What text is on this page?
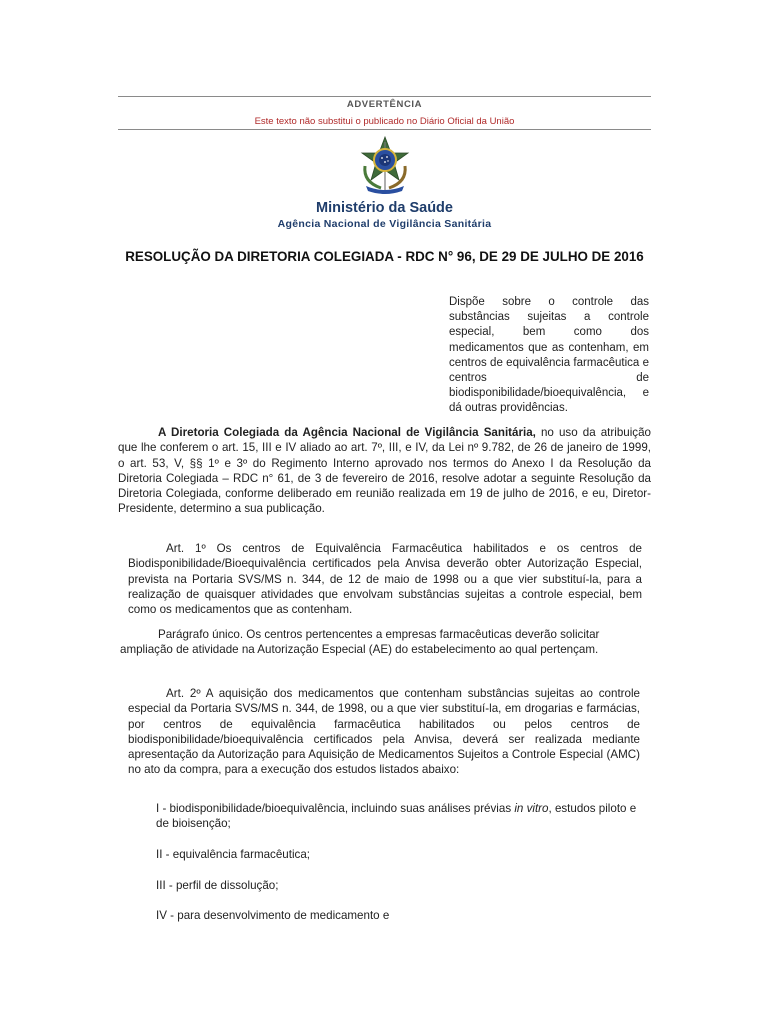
ADVERTÊNCIA
Este texto não substitui o publicado no Diário Oficial da União
Ministério da Saúde
Agência Nacional de Vigilância Sanitária
RESOLUÇÃO DA DIRETORIA COLEGIADA - RDC N° 96, DE 29 DE JULHO DE 2016
Dispõe sobre o controle das substâncias sujeitas a controle especial, bem como dos medicamentos que as contenham, em centros de equivalência farmacêutica e centros de biodisponibilidade/bioequivalência, e dá outras providências.
A Diretoria Colegiada da Agência Nacional de Vigilância Sanitária, no uso da atribuição que lhe conferem o art. 15, III e IV aliado ao art. 7º, III, e IV, da Lei nº 9.782, de 26 de janeiro de 1999, o art. 53, V, §§ 1º e 3º do Regimento Interno aprovado nos termos do Anexo I da Resolução da Diretoria Colegiada – RDC n° 61, de 3 de fevereiro de 2016, resolve adotar a seguinte Resolução da Diretoria Colegiada, conforme deliberado em reunião realizada em 19 de julho de 2016, e eu, Diretor-Presidente, determino a sua publicação.
Art. 1º Os centros de Equivalência Farmacêutica habilitados e os centros de Biodisponibilidade/Bioequivalência certificados pela Anvisa deverão obter Autorização Especial, prevista na Portaria SVS/MS n. 344, de 12 de maio de 1998 ou a que vier substituí-la, para a realização de quaisquer atividades que envolvam substâncias sujeitas a controle especial, bem como os medicamentos que as contenham.
Parágrafo único. Os centros pertencentes a empresas farmacêuticas deverão solicitar ampliação de atividade na Autorização Especial (AE) do estabelecimento ao qual pertençam.
Art. 2º A aquisição dos medicamentos que contenham substâncias sujeitas ao controle especial da Portaria SVS/MS n. 344, de 1998, ou a que vier substituí-la, em drogarias e farmácias, por centros de equivalência farmacêutica habilitados ou pelos centros de biodisponibilidade/bioequivalência certificados pela Anvisa, deverá ser realizada mediante apresentação da Autorização para Aquisição de Medicamentos Sujeitos a Controle Especial (AMC) no ato da compra, para a execução dos estudos listados abaixo:
I - biodisponibilidade/bioequivalência, incluindo suas análises prévias in vitro, estudos piloto e de bioisenção;
II - equivalência farmacêutica;
III - perfil de dissolução;
IV - para desenvolvimento de medicamento e
